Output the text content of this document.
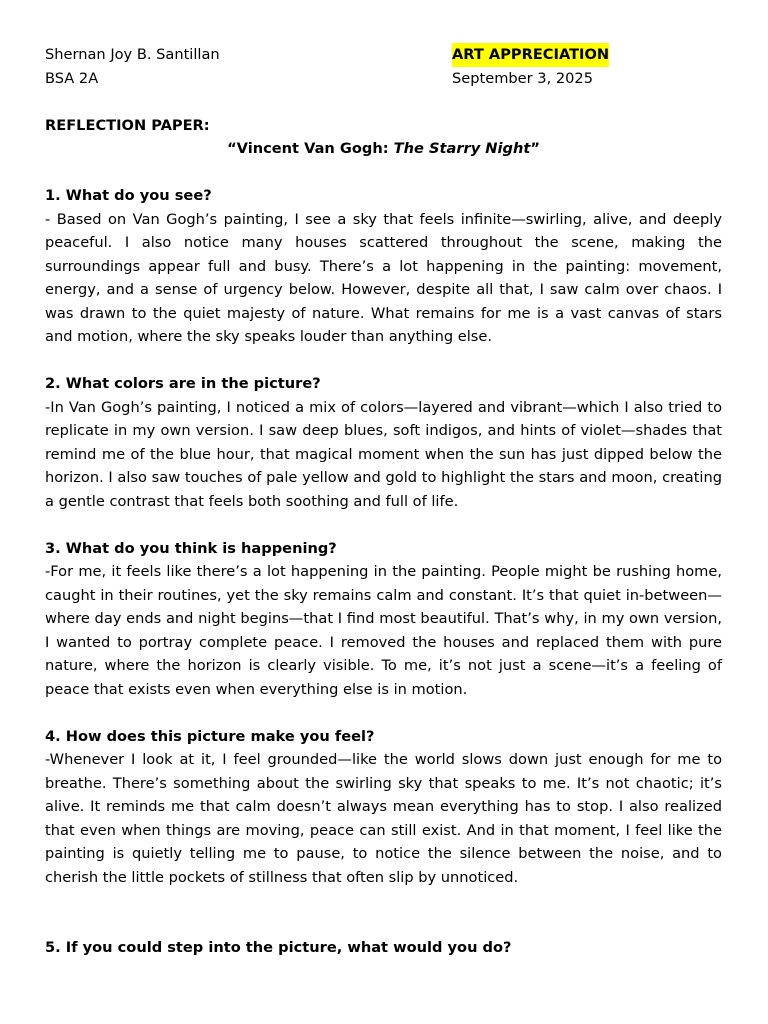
Shernan Joy B. Santillan	ART APPRECIATION
BSA 2A	September 3, 2025
REFLECTION PAPER:
“Vincent Van Gogh: The Starry Night”

1. What do you see?

- Based on Van Gogh’s painting, I see a sky that feels infinite—swirling, alive, and deeply peaceful. I also notice many houses scattered throughout the scene, making the surroundings appear full and busy. There’s a lot happening in the painting: movement, energy, and a sense of urgency below. However, despite all that, I saw calm over chaos. I was drawn to the quiet majesty of nature. What remains for me is a vast canvas of stars and motion, where the sky speaks louder than anything else.

2. What colors are in the picture?

-In Van Gogh’s painting, I noticed a mix of colors—layered and vibrant—which I also tried to replicate in my own version. I saw deep blues, soft indigos, and hints of violet—shades that remind me of the blue hour, that magical moment when the sun has just dipped below the horizon. I also saw touches of pale yellow and gold to highlight the stars and moon, creating a gentle contrast that feels both soothing and full of life.

3. What do you think is happening?

-For me, it feels like there’s a lot happening in the painting. People might be rushing home, caught in their routines, yet the sky remains calm and constant. It’s that quiet in-between—where day ends and night begins—that I find most beautiful. That’s why, in my own version, I wanted to portray complete peace. I removed the houses and replaced them with pure nature, where the horizon is clearly visible. To me, it’s not just a scene—it’s a feeling of peace that exists even when everything else is in motion.

4. How does this picture make you feel?

-Whenever I look at it, I feel grounded—like the world slows down just enough for me to breathe. There’s something about the swirling sky that speaks to me. It’s not chaotic; it’s alive. It reminds me that calm doesn’t always mean everything has to stop. I also realized that even when things are moving, peace can still exist. And in that moment, I feel like the painting is quietly telling me to pause, to notice the silence between the noise, and to cherish the little pockets of stillness that often slip by unnoticed.

5. If you could step into the picture, what would you do?
